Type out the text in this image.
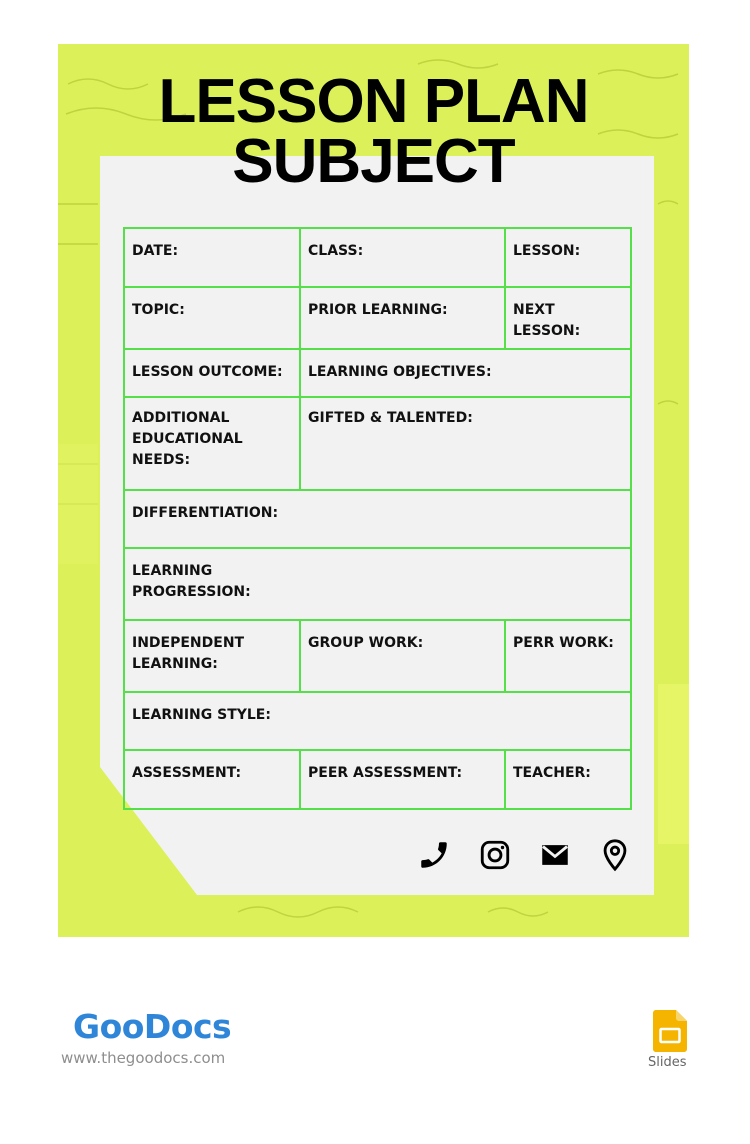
LESSON PLAN
SUBJECT
DATE:	CLASS:	LESSON:
TOPIC:	PRIOR LEARNING:	NEXT LESSON:
LESSON OUTCOME:	LEARNING OBJECTIVES:	
ADDITIONAL EDUCATIONAL NEEDS:	GIFTED & TALENTED:	
DIFFERENTIATION:		

LEARNING PROGRESSION:		

INDEPENDENT LEARNING:	GROUP WORK:	PERR WORK:
LEARNING STYLE:		
ASSESSMENT:	PEER ASSESSMENT:	TEACHER:
GooDocs
www.thegoodocs.com	Slides
